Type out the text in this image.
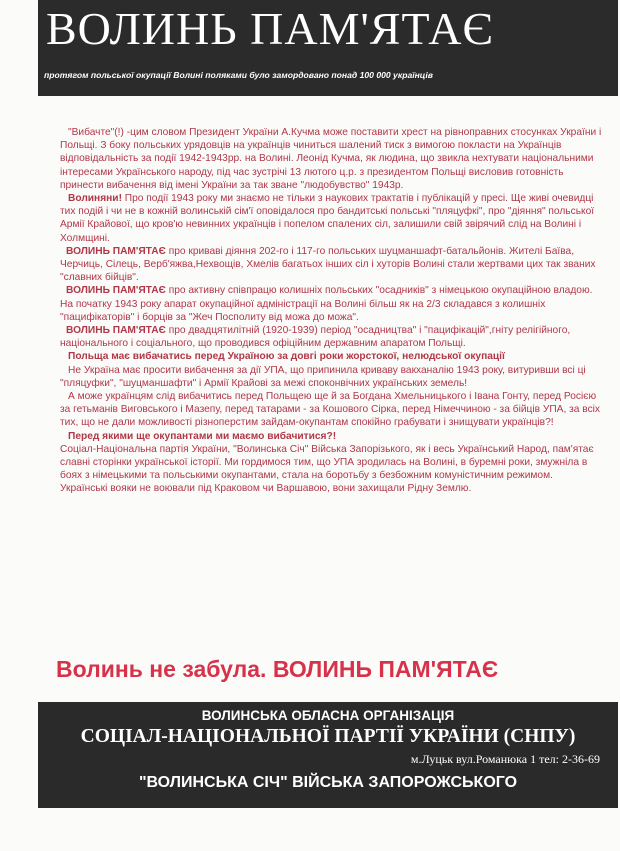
ВОЛИНЬ ПАМ'ЯТАЄ
протягом польської окупації Волині поляками було замордовано понад 100 000 українців

"Вибачте"(!) -цим словом Президент України А.Кучма може поставити хрест на рівноправних стосунках України і Польщі. З боку польських урядовців на українців чиниться шалений тиск з вимогою покласти на Українців відповідальність за події 1942-1943рр. на Волині. Леонід Кучма, як людина, що звикла нехтувати національними інтересами Українського народу, під час зустрічі 13 лютого ц.р. з президентом Польщі висловив готовність принести вибачення від імені України за так зване "людобувство" 1943р.

Волиняни! Про події 1943 року ми знаємо не тільки з наукових трактатів і публікацій у пресі. Ще живі очевидці тих подій і чи не в кожній волинській сім'ї оповідалося про бандитські польські "пляцуфкі", про "діяння" польської Армії Крайової, що кров'ю невинних українців і попелом спалених сіл, залишили свій звірячий слід на Волині і Холмщині.

ВОЛИНЬ ПАМ'ЯТАЄ про криваві діяння 202-го і 117-го польських шуцманшафт-батальйонів. Жителі Баїва, Черчиць, Сілець, Верб'яжва,Нехвощів, Хмелів багатьох інших сіл і хуторів Волині стали жертвами цих так званих "славних бійців".

ВОЛИНЬ ПАМ'ЯТАЄ про активну співпрацю колишніх польських "осадників" з німецькою окупаційною владою. На початку 1943 року апарат окупаційної адміністрації на Волині більш як на 2/3 складався з колишніх "пацифікаторів" і борців за "Жеч Посполиту від можа до можа".

ВОЛИНЬ ПАМ'ЯТАЄ про двадцятилітній (1920-1939) період "осадництва" і "пацифікацій",гніту релігійного, національного і соціального, що проводився офіційним державним апаратом Польщі.

Польща має вибачатись перед Україною за довгі роки жорстокої, нелюдської окупації

Не Україна має просити вибачення за дії УПА, що припинила криваву вакханалію 1943 року, витуривши всі ці "пляцуфки", "шуцманшафти" і Армії Крайові за межі споконвічних українських земель!

А може українцям слід вибачитись перед Польщею ще й за Богдана Хмельницького і Івана Гонту, перед Росією за гетьманів Виговського і Мазепу, перед татарами - за Кошового Сірка, перед Німеччиною - за бійців УПА, за всіх тих, що не дали можливості різноперстим зайдам-окупантам спокійно грабувати і знищувати українців?!

Перед якими ще окупантами ми маємо вибачитися?!

Соціал-Національна партія України, "Волинська Січ" Війська Запорізького, як і весь Український Народ, пам'ятає славні сторінки української історії. Ми гордимося тим, що УПА зродилась на Волині, в буремні роки, змужніла в боях з німецькими та польськими окупантами, стала на боротьбу з безбожним комуністичним режимом. Українські вояки не воювали під Краковом чи Варшавою, вони захищали Рідну Землю.

Волинь не забула. ВОЛИНЬ ПАМ'ЯТАЄ
ВОЛИНСЬКА ОБЛАСНА ОРГАНІЗАЦІЯ
СОЦІАЛ-НАЦІОНАЛЬНОЇ ПАРТІЇ УКРАЇНИ (СНПУ)
м.Луцьк вул.Романюка 1 тел: 2-36-69
"ВОЛИНСЬКА СІЧ" ВІЙСЬКА ЗАПОРОЖСЬКОГО
